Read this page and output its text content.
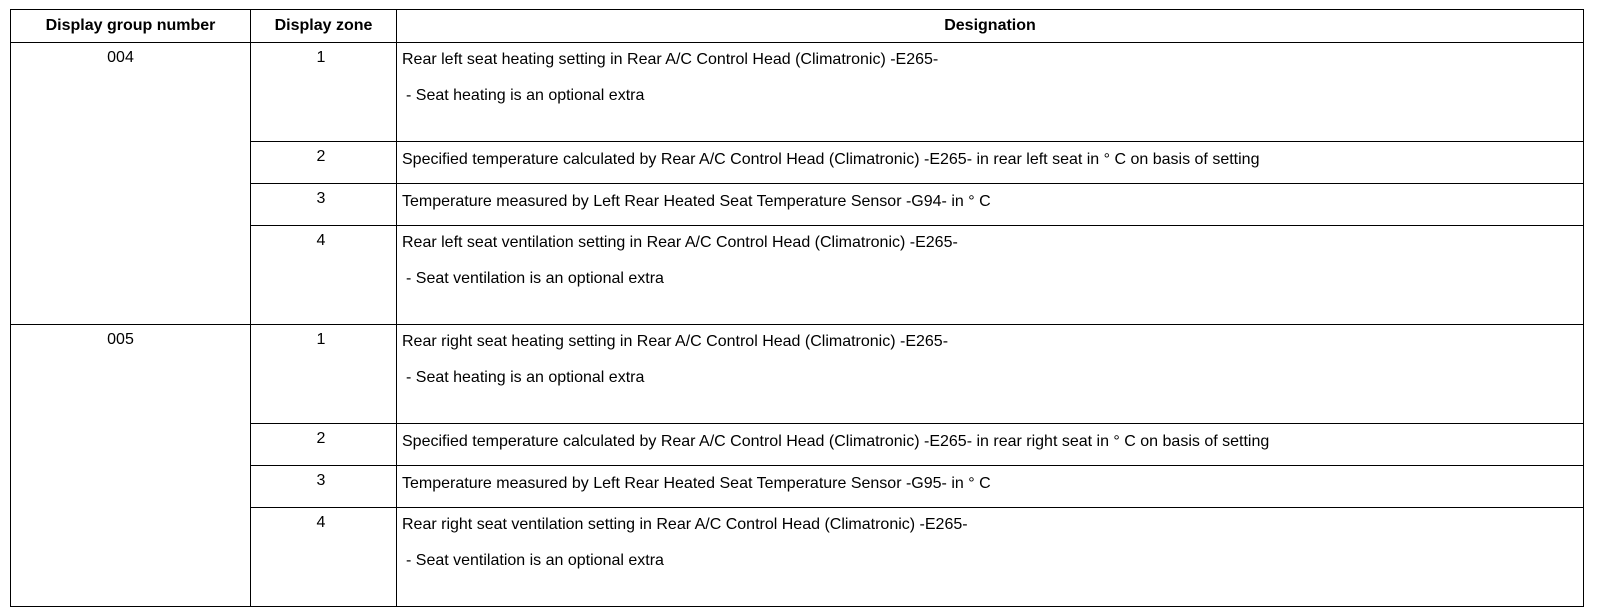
Display group number	Display zone	Designation
004	1	Rear left seat heating setting in Rear A/C Control Head (Climatronic) -E265-
- Seat heating is an optional extra

	2	Specified temperature calculated by Rear A/C Control Head (Climatronic) -E265- in rear left seat in ° C on basis of setting

	3	Temperature measured by Left Rear Heated Seat Temperature Sensor -G94- in ° C

	4	Rear left seat ventilation setting in Rear A/C Control Head (Climatronic) -E265-
- Seat ventilation is an optional extra

005	1	Rear right seat heating setting in Rear A/C Control Head (Climatronic) -E265-
- Seat heating is an optional extra

	2	Specified temperature calculated by Rear A/C Control Head (Climatronic) -E265- in rear right seat in ° C on basis of setting

	3	Temperature measured by Left Rear Heated Seat Temperature Sensor -G95- in ° C

	4	Rear right seat ventilation setting in Rear A/C Control Head (Climatronic) -E265-
- Seat ventilation is an optional extra
